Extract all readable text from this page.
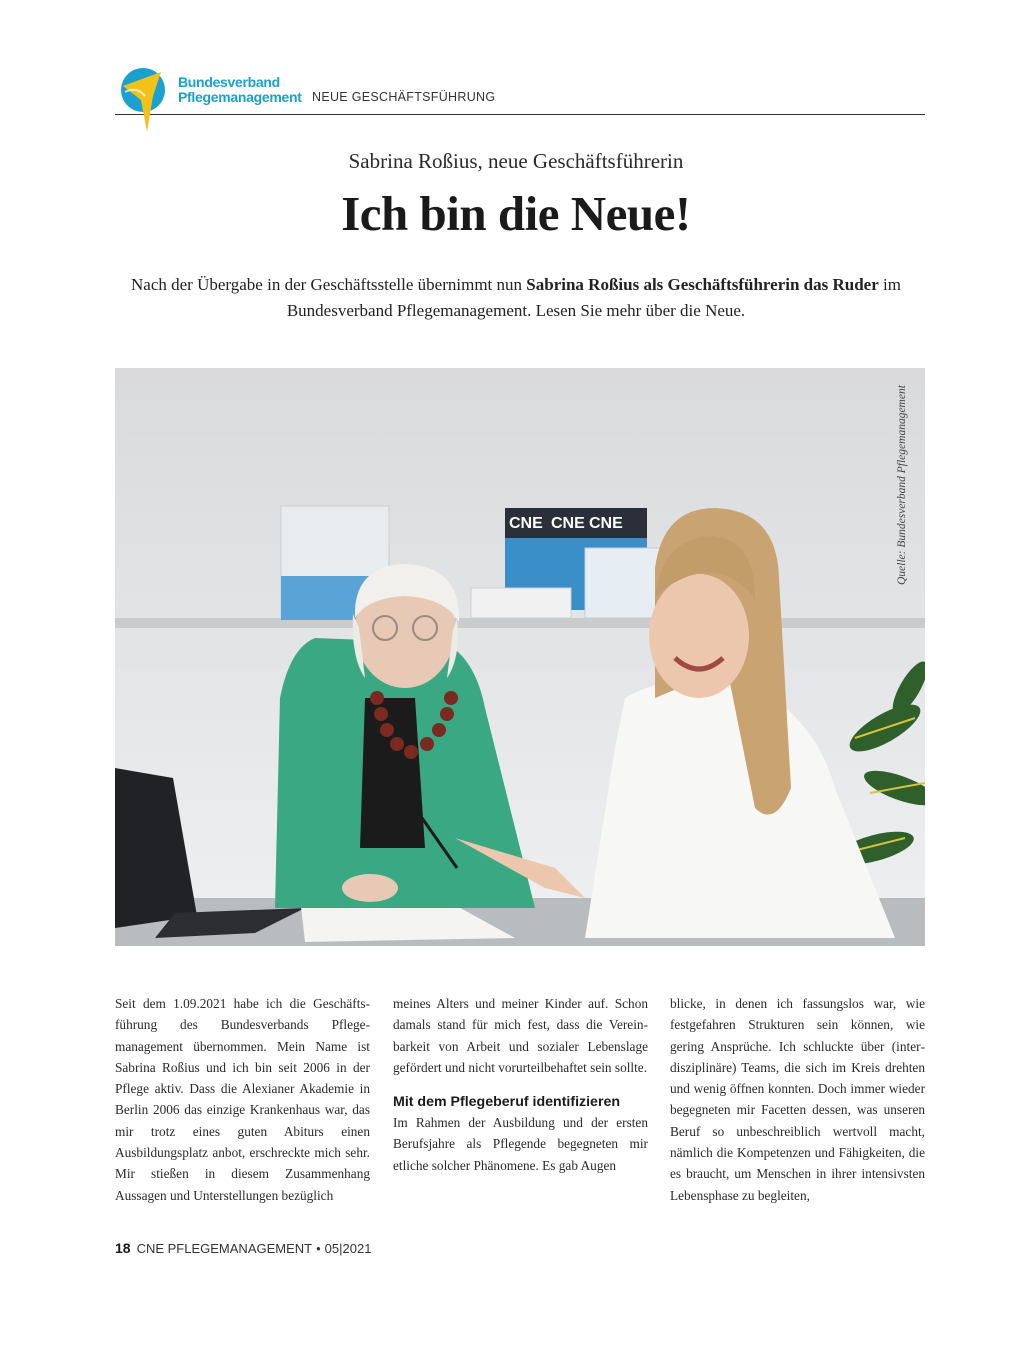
Bundesverband
Pflegemanagement NEUE GESCHÄFTSFÜHRUNG
Sabrina Roßius, neue Geschäftsführerin
Ich bin die Neue!
Nach der Übergabe in der Geschäftsstelle übernimmt nun Sabrina Roßius als Geschäftsführerin das Ruder im Bundesverband Pflegemanagement. Lesen Sie mehr über die Neue.
CNE CNE CNE	Quelle: Bundesverband Pflegemanagement

Seit dem 1.09.2021 habe ich die Geschäftsführung des Bundesverbands Pflegemanagement übernommen. Mein Name ist Sabrina Roßius und ich bin seit 2006 in der Pflege aktiv. Dass die Alexianer Akademie in Berlin 2006 das einzige Krankenhaus war, das mir trotz eines guten Abiturs einen Ausbildungsplatz anbot, erschreckte mich sehr. Mir stießen in diesem Zusammenhang Aussagen und Unterstellungen bezüglich

meines Alters und meiner Kinder auf. Schon damals stand für mich fest, dass die Vereinbarkeit von Arbeit und sozialer Lebenslage gefördert und nicht vorurteilbehaftet sein sollte.

Mit dem Pflegeberuf identifizieren

Im Rahmen der Ausbildung und der ersten Berufsjahre als Pflegende begegneten mir etliche solcher Phänomene. Es gab Augen

blicke, in denen ich fassungslos war, wie festgefahren Strukturen sein können, wie gering Ansprüche. Ich schluckte über (interdisziplinäre) Teams, die sich im Kreis drehten und wenig öffnen konnten. Doch immer wieder begegneten mir Facetten dessen, was unseren Beruf so unbeschreiblich wertvoll macht, nämlich die Kompetenzen und Fähigkeiten, die es braucht, um Menschen in ihrer intensivsten Lebensphase zu begleiten,

18 CNE PFLEGEMANAGEMENT • 05|2021
